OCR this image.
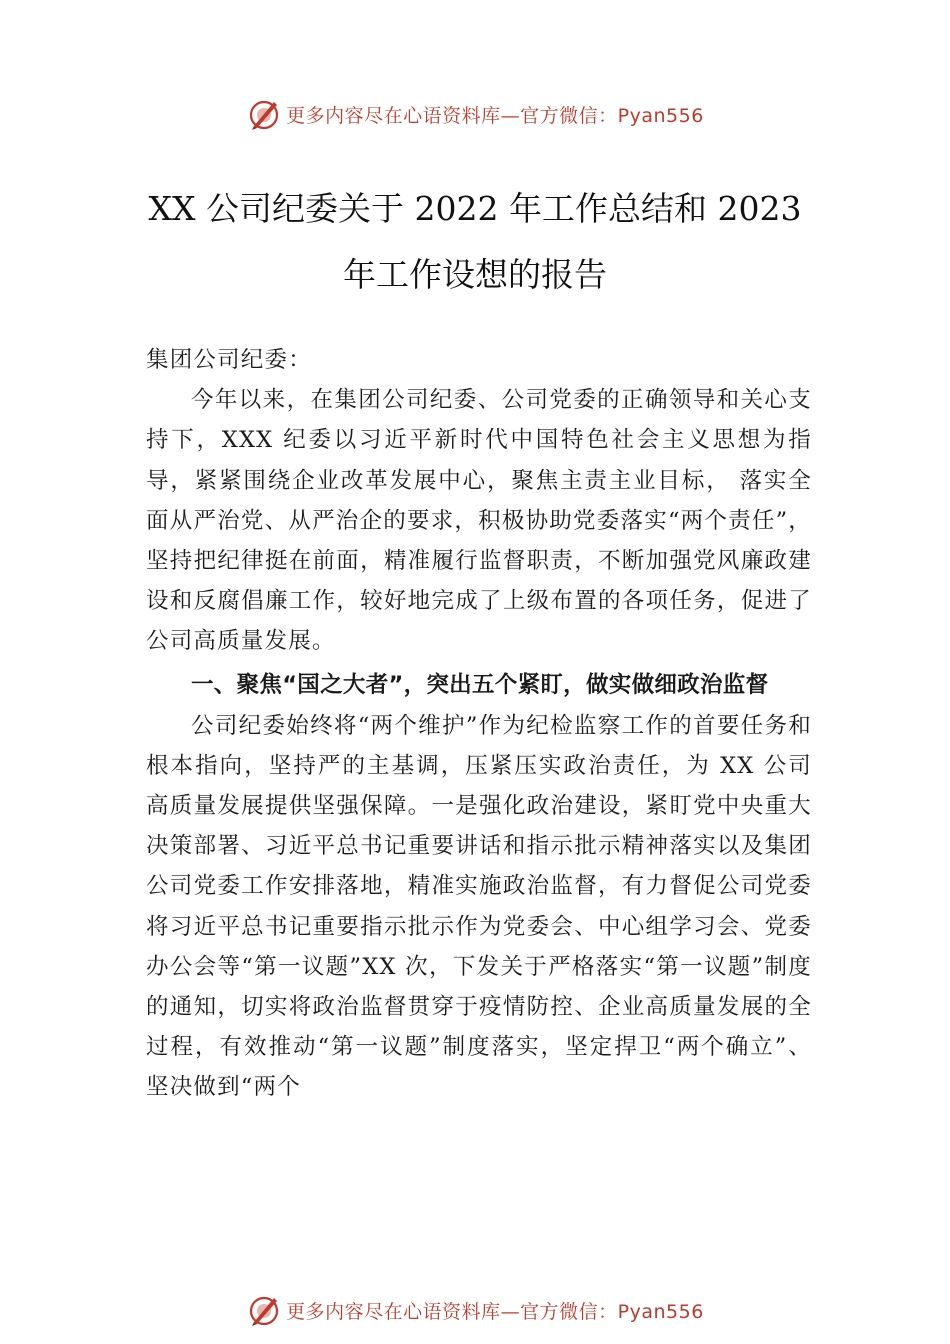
更多内容尽在心语资料库—官方微信：Pyan556
XX 公司纪委关于 2022 年工作总结和 2023
年工作设想的报告

集团公司纪委：

今年以来，在集团公司纪委、公司党委的正确领导和关心支持下，XXX 纪委以习近平新时代中国特色社会主义思想为指导，紧紧围绕企业改革发展中心，聚焦主责主业目标， 落实全面从严治党、从严治企的要求，积极协助党委落实“两个责任”，坚持把纪律挺在前面，精准履行监督职责，不断加强党风廉政建设和反腐倡廉工作，较好地完成了上级布置的各项任务，促进了公司高质量发展。

一、聚焦“国之大者”，突出五个紧盯，做实做细政治监督

公司纪委始终将“两个维护”作为纪检监察工作的首要任务和根本指向，坚持严的主基调，压紧压实政治责任，为 XX 公司高质量发展提供坚强保障。一是强化政治建设，紧盯党中央重大决策部署、习近平总书记重要讲话和指示批示精神落实以及集团公司党委工作安排落地，精准实施政治监督，有力督促公司党委将习近平总书记重要指示批示作为党委会、中心组学习会、党委办公会等“第一议题”XX 次，下发关于严格落实“第一议题”制度的通知，切实将政治监督贯穿于疫情防控、企业高质量发展的全过程，有效推动“第一议题”制度落实，坚定捍卫“两个确立”、坚决做到“两个

更多内容尽在心语资料库—官方微信：Pyan556
